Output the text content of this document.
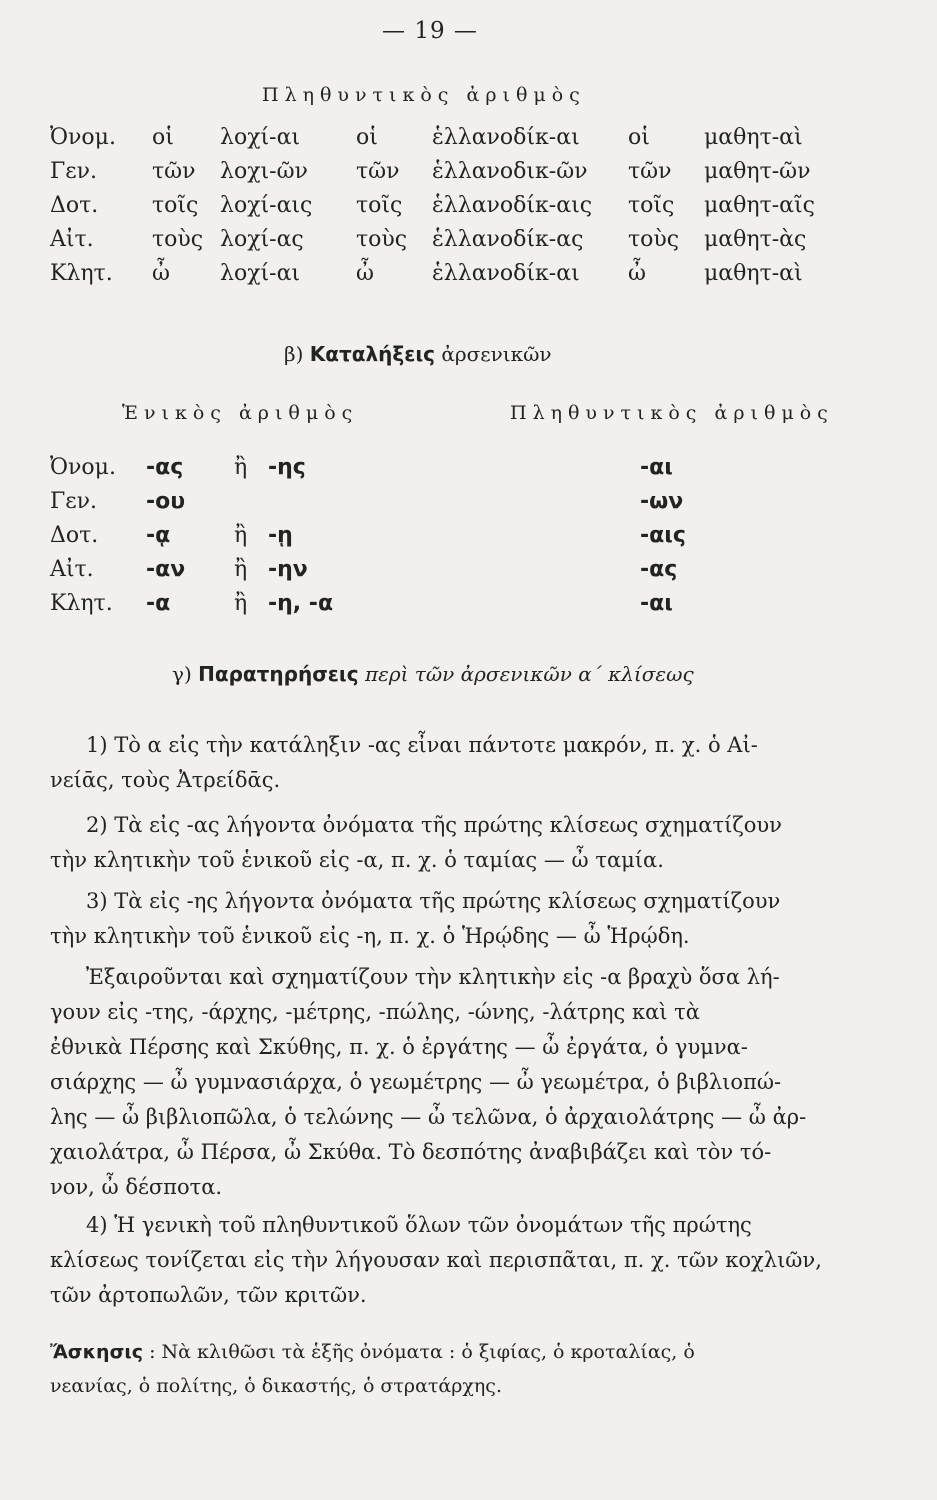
— 19 —
Πληθυντικὸς ἀριθμὸς
Ὀνομ. οἱ λοχί-αι	οἱ ἑλλανοδίκ-αι οἱ μαθητ-αὶ
Γεν. τῶν λοχι-ῶν τῶν ἑλλανοδικ-ῶν τῶν μαθητ-ῶν
Δοτ. τοῖς λοχί-αις τοῖς ἑλλανοδίκ-αις τοῖς μαθητ-αῖς
Αἰτ.	τοὺς λοχί-ας τοὺς ἑλλανοδίκ-ας τοὺς μαθητ-ὰς
Κλητ. ὦ λοχί-αι	ὦ	ἑλλανοδίκ-αι ὦ	μαθητ-αὶ
β) Καταλήξεις ἀρσενικῶν
Ἑνικὸς ἀριθμὸς	Πληθυντικὸς ἀριθμὸς
Ὀνομ. -ας ἢ -ης	-αι
Γεν. -ου	-ων
Δοτ. -ᾳ	ἢ -ῃ	-αις
Αἰτ. -αν ἢ -ην	-ας
Κλητ. -α	ἢ -η, -α	-αι
γ) Παρατηρήσεις περὶ τῶν ἀρσενικῶν α΄ κλίσεως
1) Τὸ α εἰς τὴν κατάληξιν -ας εἶναι πάντοτε μακρόν, π. χ. ὁ Αἰ-
νείᾱς, τοὺς Ἀτρείδᾱς.
2) Τὰ εἰς -ας λήγοντα ὀνόματα τῆς πρώτης κλίσεως σχηματίζουν
τὴν κλητικὴν τοῦ ἑνικοῦ εἰς -α, π. χ. ὁ ταμίας — ὦ ταμία.
3) Τὰ εἰς -ης λήγοντα ὀνόματα τῆς πρώτης κλίσεως σχηματίζουν
τὴν κλητικὴν τοῦ ἑνικοῦ εἰς -η, π. χ. ὁ Ἡρῴδης — ὦ Ἡρῴδη.
Ἐξαιροῦνται καὶ σχηματίζουν τὴν κλητικὴν εἰς -α βραχὺ ὅσα λή-
γουν εἰς -της, -άρχης, -μέτρης, -πώλης, -ώνης, -λάτρης καὶ τὰ
ἐθνικὰ Πέρσης καὶ Σκύθης, π. χ. ὁ ἐργάτης — ὦ ἐργάτα, ὁ γυμνα-
σιάρχης — ὦ γυμνασιάρχα, ὁ γεωμέτρης — ὦ γεωμέτρα, ὁ βιβλιοπώ-
λης — ὦ βιβλιοπῶλα, ὁ τελώνης — ὦ τελῶνα, ὁ ἀρχαιολάτρης — ὦ ἀρ-
χαιολάτρα, ὦ Πέρσα, ὦ Σκύθα. Τὸ δεσπότης ἀναβιβάζει καὶ τὸν τό-
νον, ὦ δέσποτα.
4) Ἡ γενικὴ τοῦ πληθυντικοῦ ὅλων τῶν ὀνομάτων τῆς πρώτης
κλίσεως τονίζεται εἰς τὴν λήγουσαν καὶ περισπᾶται, π. χ. τῶν κοχλιῶν,
τῶν ἀρτοπωλῶν, τῶν κριτῶν.
Ἄσκησις : Νὰ κλιθῶσι τὰ ἑξῆς ὀνόματα : ὁ ξιφίας, ὁ κροταλίας, ὁ
νεανίας, ὁ πολίτης, ὁ δικαστής, ὁ στρατάρχης.
